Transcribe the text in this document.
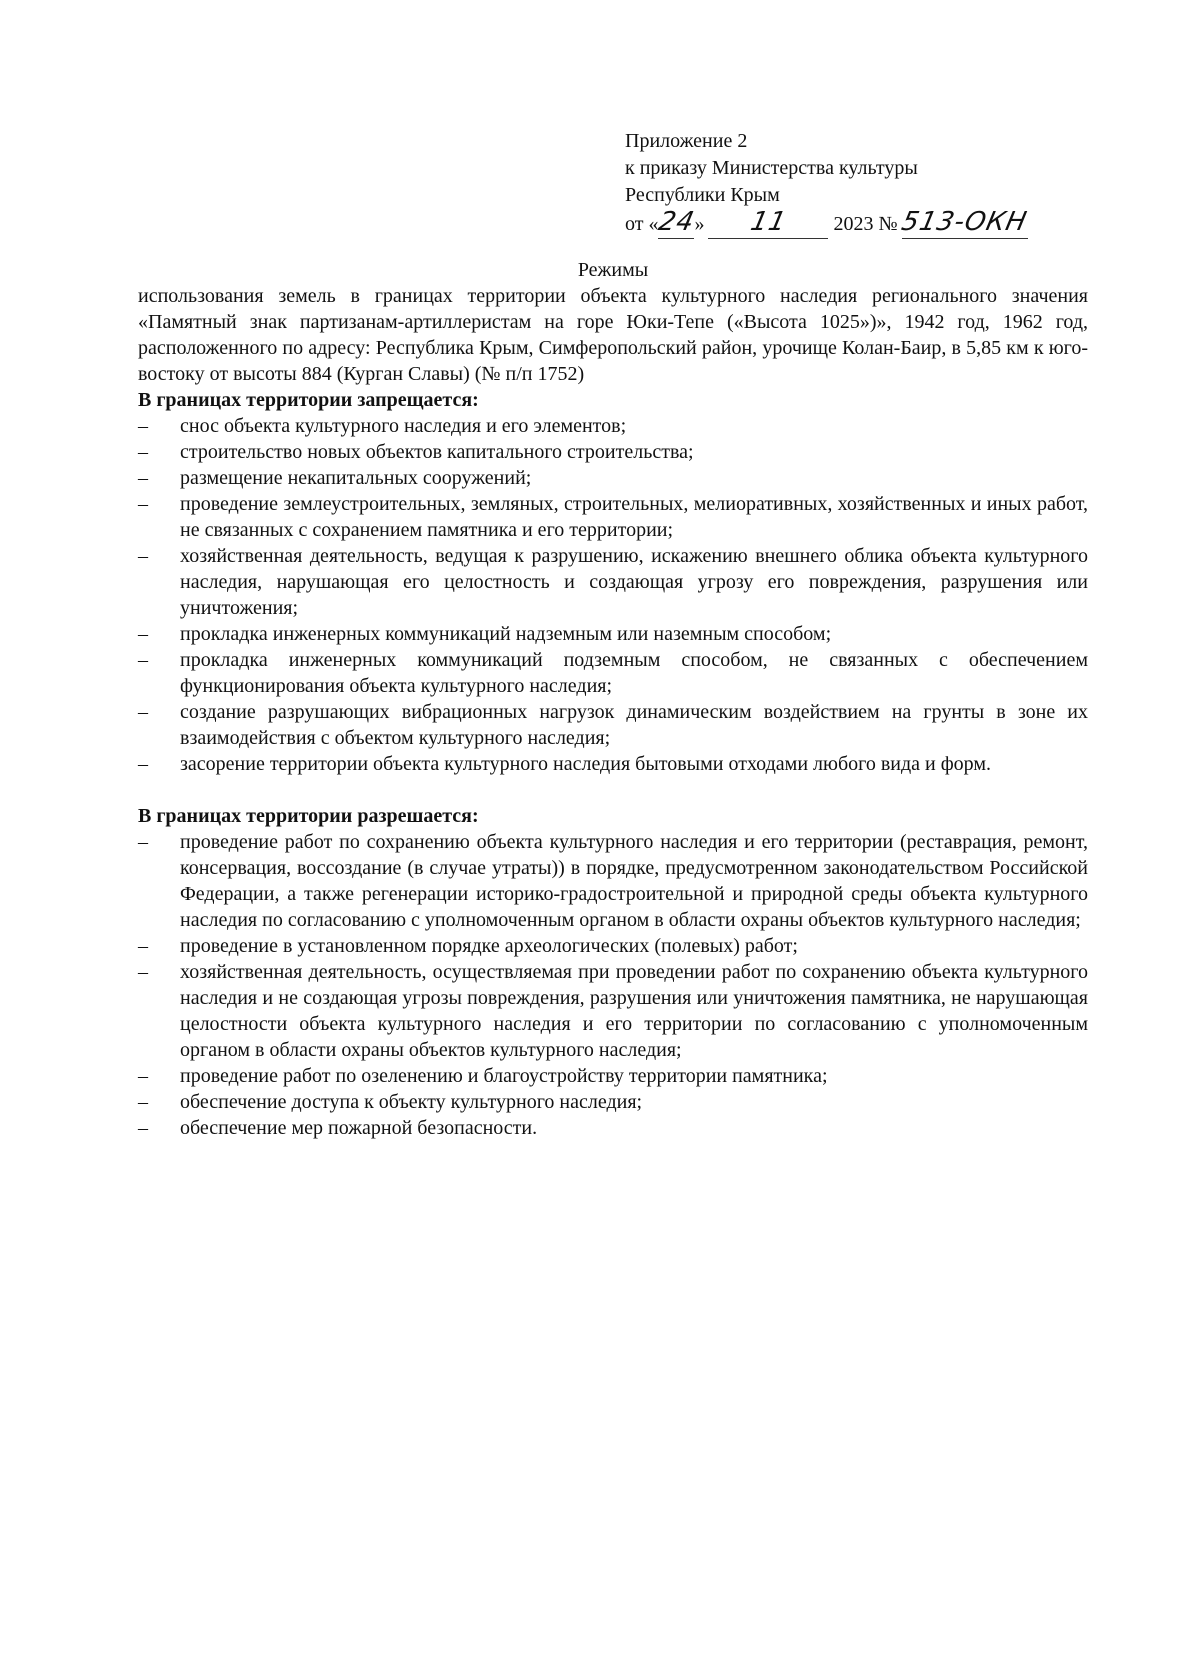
Приложение 2
к приказу Министерства культуры
Республики Крым
от «24» 11 2023 №513-ОКН

Режимы

использования земель в границах территории объекта культурного наследия регионального значения «Памятный знак партизанам-артиллеристам на горе Юки-Тепе («Высота 1025»)», 1942 год, 1962 год, расположенного по адресу: Республика Крым, Симферопольский район, урочище Колан-Баир, в 5,85 км к юго-востоку от высоты 884 (Курган Славы) (№ п/п 1752)

В границах территории запрещается:

– снос объекта культурного наследия и его элементов;
– строительство новых объектов капитального строительства;
– размещение некапитальных сооружений;
– проведение землеустроительных, земляных, строительных, мелиоративных, хозяйственных и иных работ, не связанных с сохранением памятника и его территории;
– хозяйственная деятельность, ведущая к разрушению, искажению внешнего облика объекта культурного наследия, нарушающая его целостность и создающая угрозу его повреждения, разрушения или уничтожения;
– прокладка инженерных коммуникаций надземным или наземным способом;
– прокладка инженерных коммуникаций подземным способом, не связанных с обеспечением функционирования объекта культурного наследия;
– создание разрушающих вибрационных нагрузок динамическим воздействием на грунты в зоне их взаимодействия с объектом культурного наследия;
– засорение территории объекта культурного наследия бытовыми отходами любого вида и форм.

В границах территории разрешается:

– проведение работ по сохранению объекта культурного наследия и его территории (реставрация, ремонт, консервация, воссоздание (в случае утраты)) в порядке, предусмотренном законодательством Российской Федерации, а также регенерации историко-градостроительной и природной среды объекта культурного наследия по согласованию с уполномоченным органом в области охраны объектов культурного наследия;
– проведение в установленном порядке археологических (полевых) работ;
– хозяйственная деятельность, осуществляемая при проведении работ по сохранению объекта культурного наследия и не создающая угрозы повреждения, разрушения или уничтожения памятника, не нарушающая целостности объекта культурного наследия и его территории по согласованию с уполномоченным органом в области охраны объектов культурного наследия;
– проведение работ по озеленению и благоустройству территории памятника;
– обеспечение доступа к объекту культурного наследия;
– обеспечение мер пожарной безопасности.
